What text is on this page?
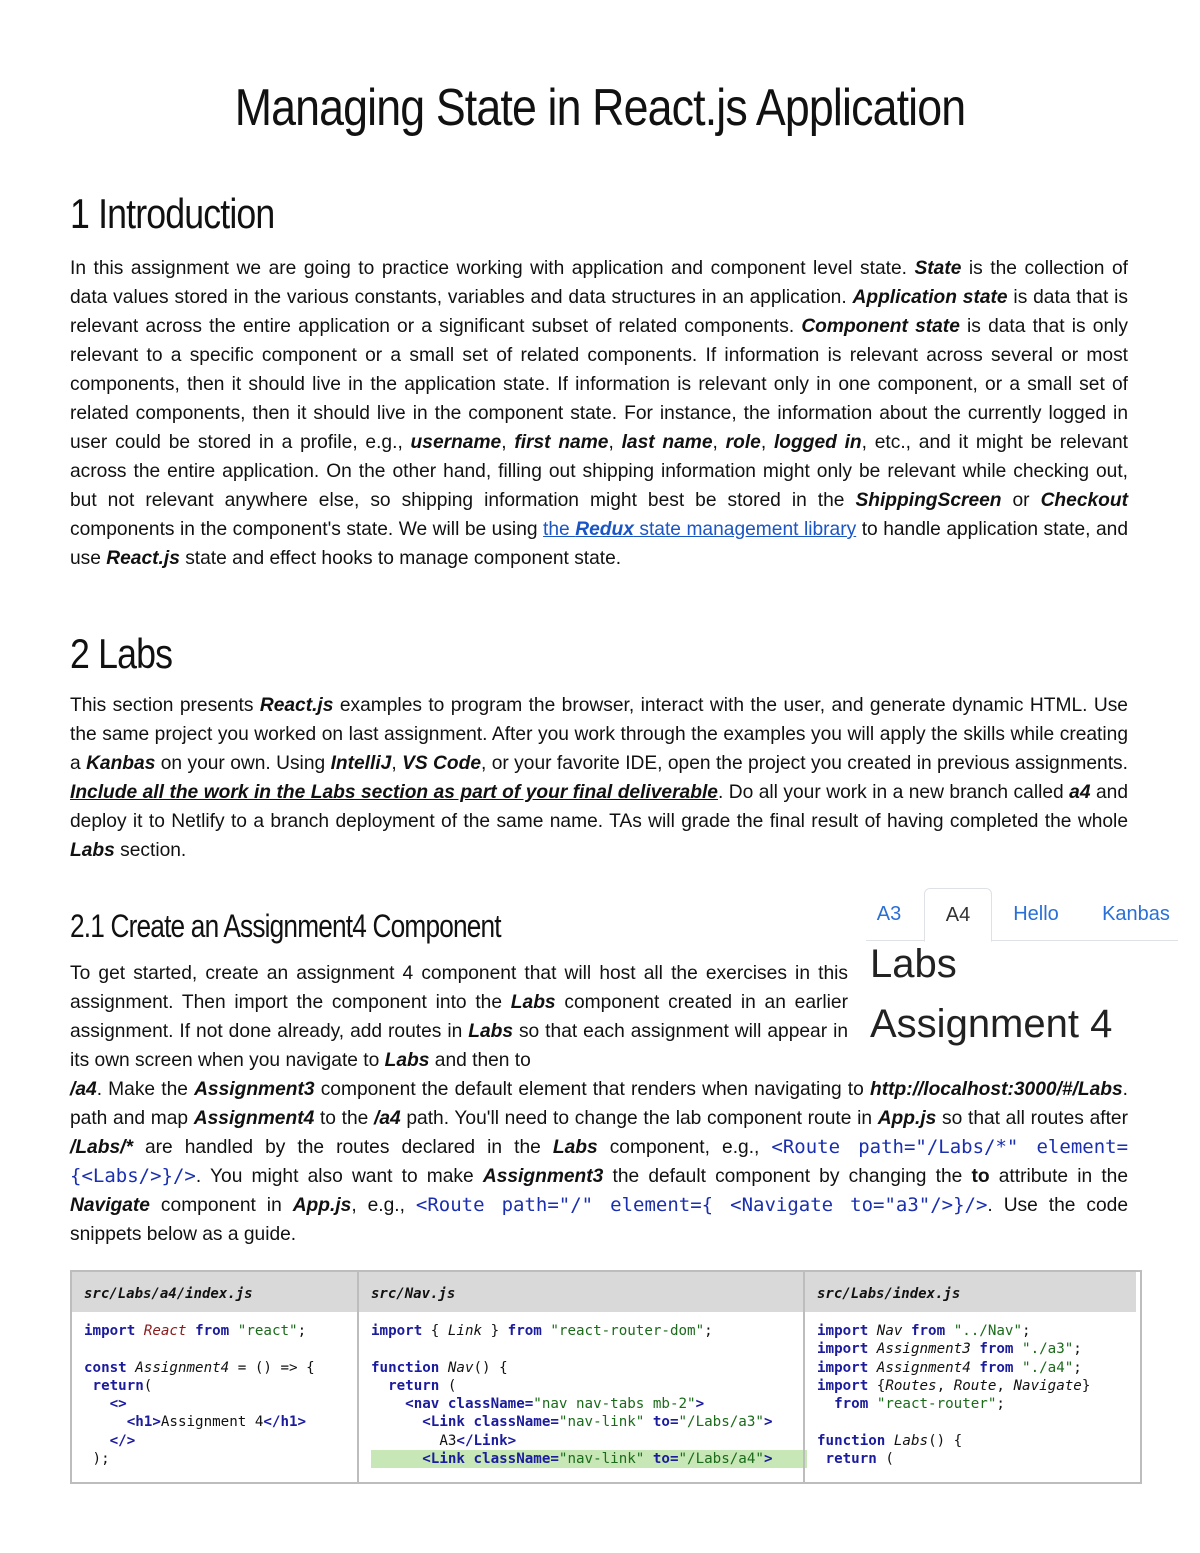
Managing State in React.js Application
1 Introduction

In this assignment we are going to practice working with application and component level state. State is the collection of data values stored in the various constants, variables and data structures in an application. Application state is data that is relevant across the entire application or a significant subset of related components. Component state is data that is only relevant to a specific component or a small set of related components. If information is relevant across several or most components, then it should live in the application state. If information is relevant only in one component, or a small set of related components, then it should live in the component state. For instance, the information about the currently logged in user could be stored in a profile, e.g., username, first name, last name, role, logged in, etc., and it might be relevant across the entire application. On the other hand, filling out shipping information might only be relevant while checking out, but not relevant anywhere else, so shipping information might best be stored in the ShippingScreen or Checkout components in the component's state. We will be using the Redux state management library to handle application state, and use React.js state and effect hooks to manage component state.

2 Labs

This section presents React.js examples to program the browser, interact with the user, and generate dynamic HTML. Use the same project you worked on last assignment. After you work through the examples you will apply the skills while creating a Kanbas on your own. Using IntelliJ, VS Code, or your favorite IDE, open the project you created in previous assignments. Include all the work in the Labs section as part of your final deliverable. Do all your work in a new branch called a4 and deploy it to Netlify to a branch deployment of the same name. TAs will grade the final result of having completed the whole Labs section.

2.1 Create an Assignment4 Component

To get started, create an assignment 4 component that will host all the exercises in this assignment. Then import the component into the Labs component created in an earlier assignment. If not done already, add routes in Labs so that each assignment will appear in its own screen when you navigate to Labs and then to

/a4. Make the Assignment3 component the default element that renders when navigating to http://localhost:3000/#/Labs. path and map Assignment4 to the /a4 path. You'll need to change the lab component route in App.js so that all routes after /Labs/* are handled by the routes declared in the Labs component, e.g., <Route path="/Labs/*" element={<Labs/>}/>. You might also want to make Assignment3 the default component by changing the to attribute in the Navigate component in App.js, e.g., <Route path="/" element={ <Navigate to="a3"/>}/>. Use the code snippets below as a guide.

A3	A4	Hello	Kanbas
Labs
Assignment 4
src/Labs/a4/index.js
import React from "react";

const Assignment4 = () => {
return(
<>
<h1>Assignment 4</h1>
</>
);
src/Nav.js
import { Link } from "react-router-dom";

function Nav() {
return (
<nav className="nav nav-tabs mb-2">
<Link className="nav-link" to="/Labs/a3">
A3</Link>
<Link className="nav-link" to="/Labs/a4">
src/Labs/index.js
import Nav from "../Nav";
import Assignment3 from "./a3";
import Assignment4 from "./a4";
import {Routes, Route, Navigate}
from "react-router";

function Labs() {
return (
